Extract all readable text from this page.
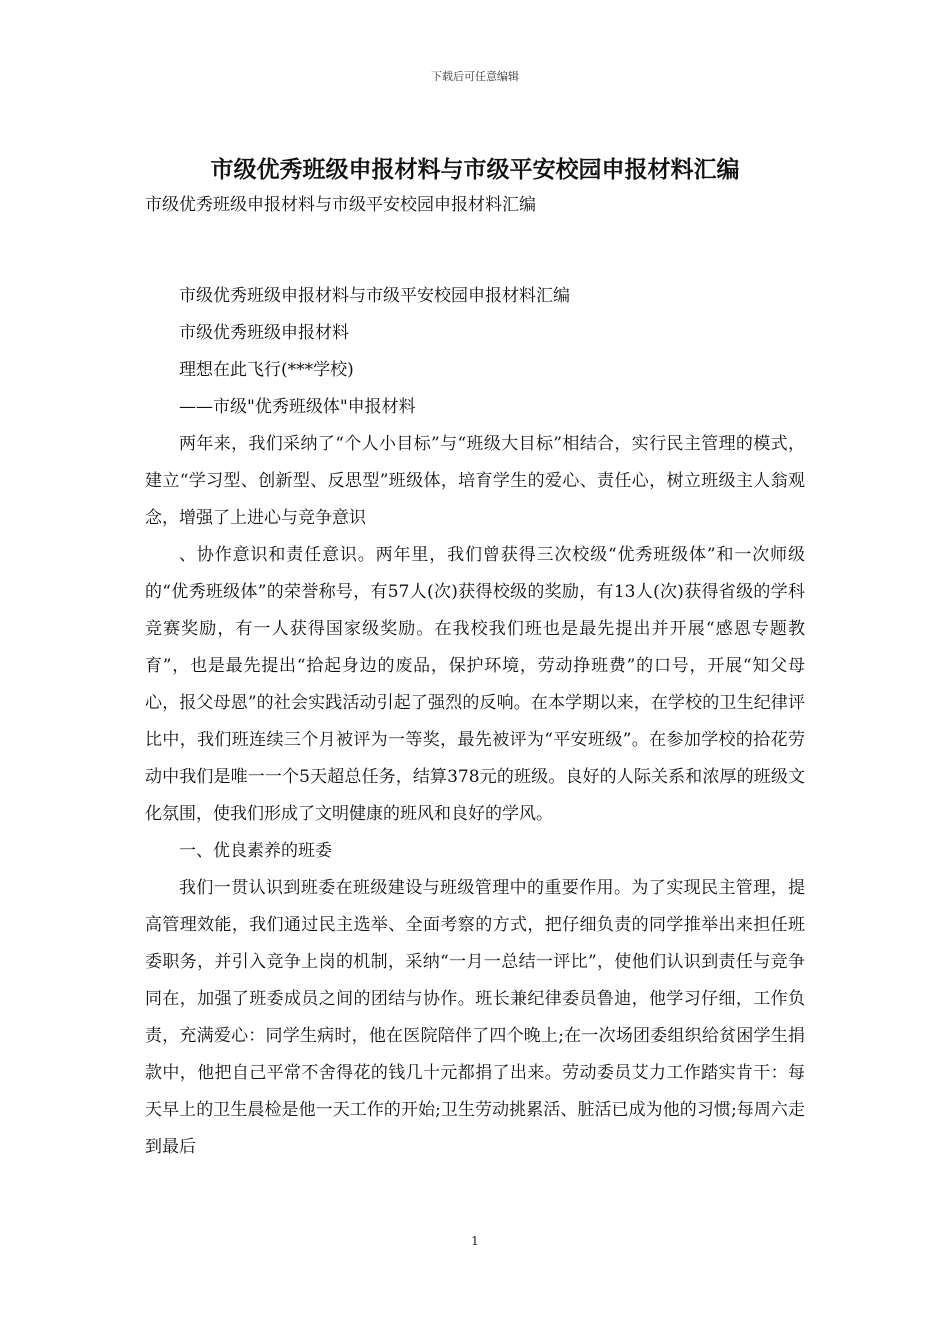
下载后可任意编辑
市级优秀班级申报材料与市级平安校园申报材料汇编
市级优秀班级申报材料与市级平安校园申报材料汇编

市级优秀班级申报材料与市级平安校园申报材料汇编

市级优秀班级申报材料

理想在此飞行(***学校)

——市级"优秀班级体"申报材料

两年来，我们采纳了“个人小目标”与“班级大目标”相结合，实行民主管理的模式，建立“学习型、创新型、反思型”班级体，培育学生的爱心、责任心，树立班级主人翁观念，增强了上进心与竞争意识

、协作意识和责任意识。两年里，我们曾获得三次校级“优秀班级体”和一次师级的“优秀班级体”的荣誉称号，有57人(次)获得校级的奖励，有13人(次)获得省级的学科竞赛奖励，有一人获得国家级奖励。在我校我们班也是最先提出并开展“感恩专题教育”，也是最先提出“拾起身边的废品，保护环境，劳动挣班费”的口号，开展“知父母心，报父母恩”的社会实践活动引起了强烈的反响。在本学期以来，在学校的卫生纪律评比中，我们班连续三个月被评为一等奖，最先被评为“平安班级”。在参加学校的拾花劳动中我们是唯一一个5天超总任务，结算378元的班级。良好的人际关系和浓厚的班级文化氛围，使我们形成了文明健康的班风和良好的学风。

一、优良素养的班委

我们一贯认识到班委在班级建设与班级管理中的重要作用。为了实现民主管理，提高管理效能，我们通过民主选举、全面考察的方式，把仔细负责的同学推举出来担任班委职务，并引入竞争上岗的机制，采纳“一月一总结一评比”，使他们认识到责任与竞争同在，加强了班委成员之间的团结与协作。班长兼纪律委员鲁迪，他学习仔细，工作负责，充满爱心：同学生病时，他在医院陪伴了四个晚上;在一次场团委组织给贫困学生捐款中，他把自己平常不舍得花的钱几十元都捐了出来。劳动委员艾力工作踏实肯干：每天早上的卫生晨检是他一天工作的开始;卫生劳动挑累活、脏活已成为他的习惯;每周六走到最后

1
